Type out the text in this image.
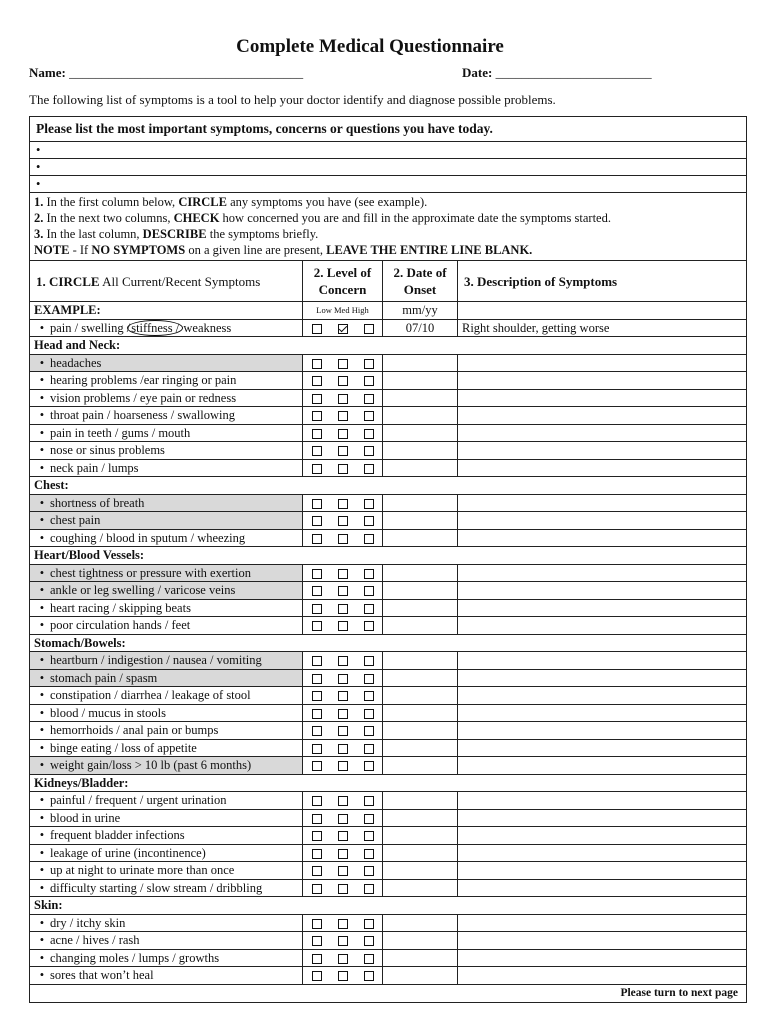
Complete Medical Questionnaire
Name: ____________________________________	Date: ________________________
The following list of symptoms is a tool to help your doctor identify and diagnose possible problems.
Please list the most important symptoms, concerns or questions you have today.			
•			
•			
•			

1. In the first column below, CIRCLE any symptoms you have (see example).
2. In the next two columns, CHECK how concerned you are and fill in the approximate date the symptoms started.
3. In the last column, DESCRIBE the symptoms briefly.
NOTE - If NO SYMPTOMS on a given line are present, LEAVE THE ENTIRE LINE BLANK.			

1. CIRCLE All Current/Recent Symptoms	2. Level of Concern	2. Date of Onset	3. Description of Symptoms
EXAMPLE:	Low Med High	mm/yy	
• pain / swelling /stiffness / weakness		07/10	Right shoulder, getting worse
Head and Neck:			
• headaches			
• hearing problems /ear ringing or pain			
• vision problems / eye pain or redness			
• throat pain / hoarseness / swallowing			
• pain in teeth / gums / mouth			
• nose or sinus problems			
• neck pain / lumps			
Chest:			
• shortness of breath			
• chest pain			
• coughing / blood in sputum / wheezing			
Heart/Blood Vessels:			
• chest tightness or pressure with exertion			
• ankle or leg swelling / varicose veins			
• heart racing / skipping beats			
• poor circulation hands / feet			
Stomach/Bowels:			
• heartburn / indigestion / nausea / vomiting			
• stomach pain / spasm			
• constipation / diarrhea / leakage of stool			
• blood / mucus in stools			
• hemorrhoids / anal pain or bumps			
• binge eating / loss of appetite			
• weight gain/loss > 10 lb (past 6 months)			
Kidneys/Bladder:			
• painful / frequent / urgent urination			
• blood in urine			
• frequent bladder infections			
• leakage of urine (incontinence)			
• up at night to urinate more than once			
• difficulty starting / slow stream / dribbling			
Skin:			
• dry / itchy skin			
• acne / hives / rash			
• changing moles / lumps / growths			
• sores that won’t heal			
Please turn to next page			
